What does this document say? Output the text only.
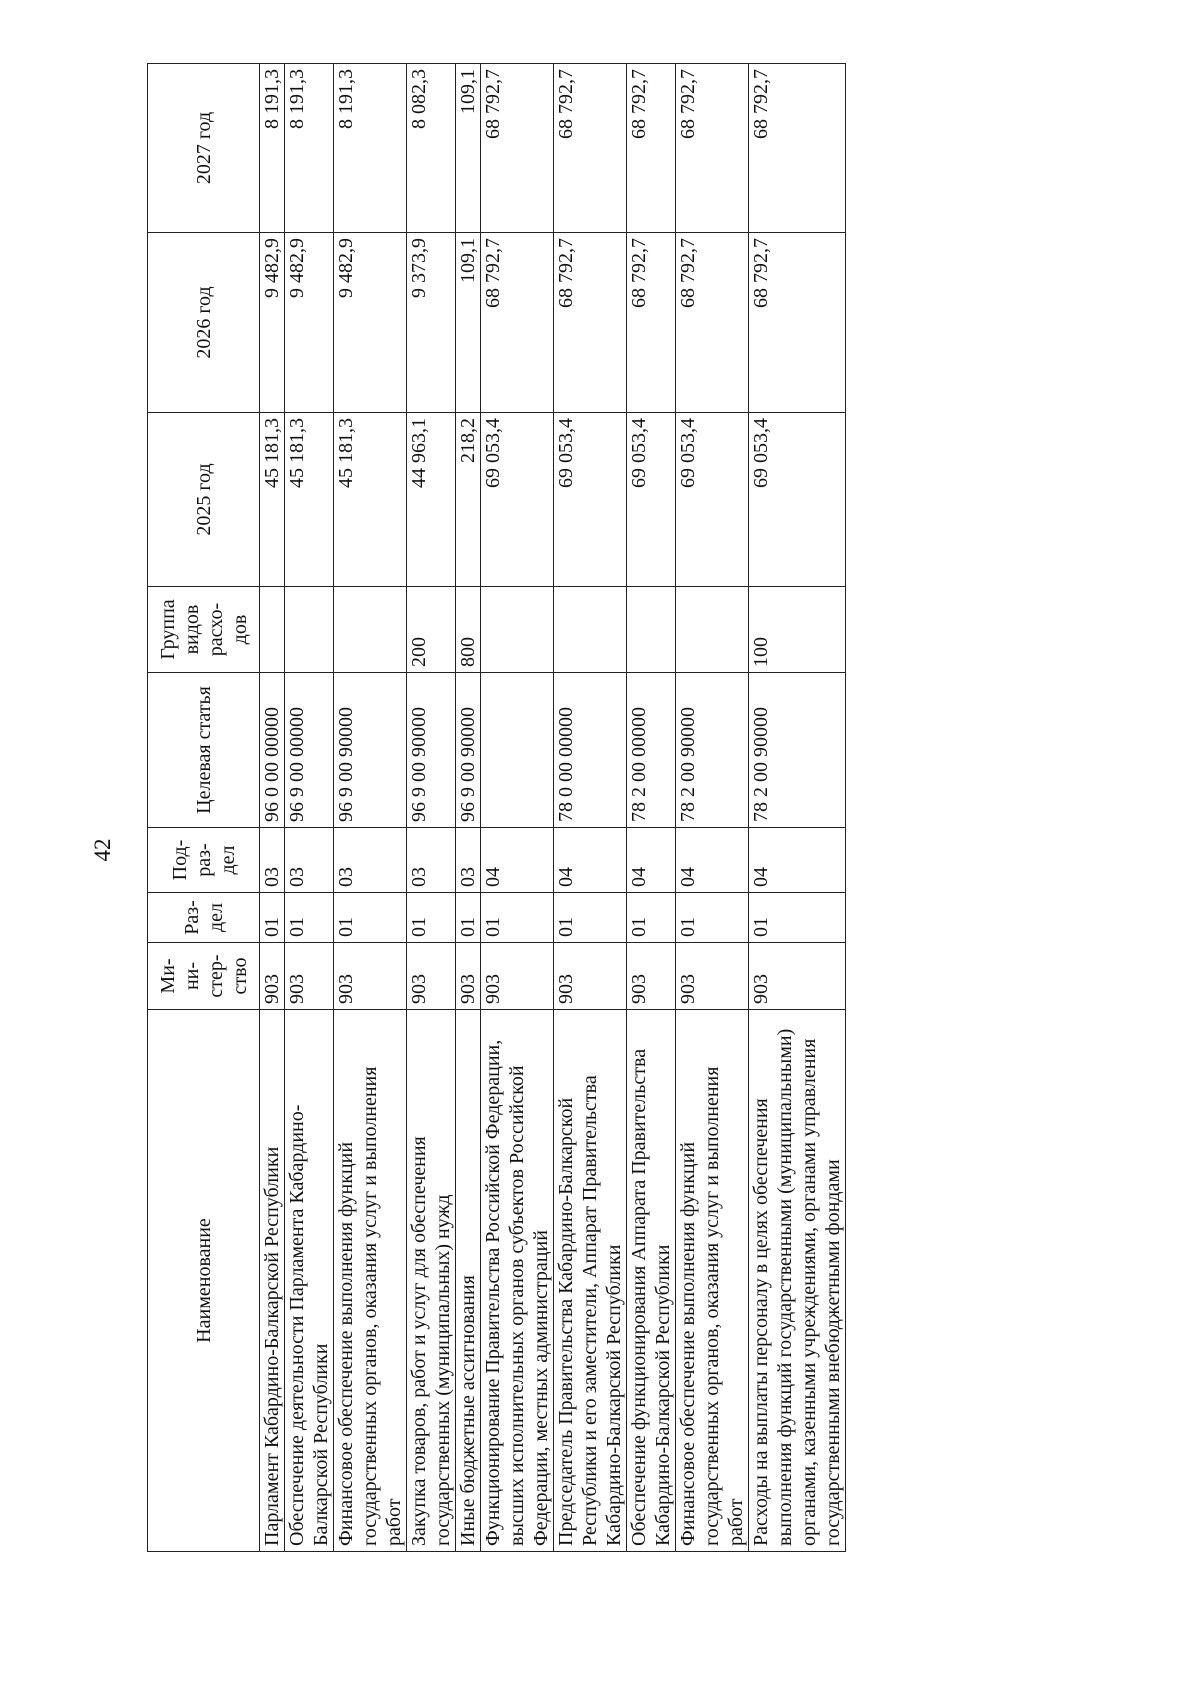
42
Наименование	Ми-ни-стер-ство	Раз-дел	Под-раз-дел	Целевая статья	Группа видов расхо-дов	2025 год	2026 год	2027 год
Парламент Кабардино-Балкарской Республики	903	01	03	96 0 00 00000		45 181,3	9 482,9	8 191,3
Обеспечение деятельности Парламента Кабардино-Балкарской Республики	903	01	03	96 9 00 00000		45 181,3	9 482,9	8 191,3
Финансовое обеспечение выполнения функций государственных органов, оказания услуг и выполнения работ	903	01	03	96 9 00 90000		45 181,3	9 482,9	8 191,3
Закупка товаров, работ и услуг для обеспечения государственных (муниципальных) нужд	903	01	03	96 9 00 90000	200	44 963,1	9 373,9	8 082,3
Иные бюджетные ассигнования	903	01	03	96 9 00 90000	800	218,2	109,1	109,1
Функционирование Правительства Российской Федерации, высших исполнительных органов субъектов Российской Федерации, местных администраций	903	01	04			69 053,4	68 792,7	68 792,7
Председатель Правительства Кабардино-Балкарской Республики и его заместители, Аппарат Правительства Кабардино-Балкарской Республики	903	01	04	78 0 00 00000		69 053,4	68 792,7	68 792,7
Обеспечение функционирования Аппарата Правительства Кабардино-Балкарской Республики	903	01	04	78 2 00 00000		69 053,4	68 792,7	68 792,7
Финансовое обеспечение выполнения функций государственных органов, оказания услуг и выполнения работ	903	01	04	78 2 00 90000		69 053,4	68 792,7	68 792,7
Расходы на выплаты персоналу в целях обеспечения выполнения функций государственными (муниципальными) органами, казенными учреждениями, органами управления государственными внебюджетными фондами	903	01	04	78 2 00 90000	100	69 053,4	68 792,7	68 792,7
